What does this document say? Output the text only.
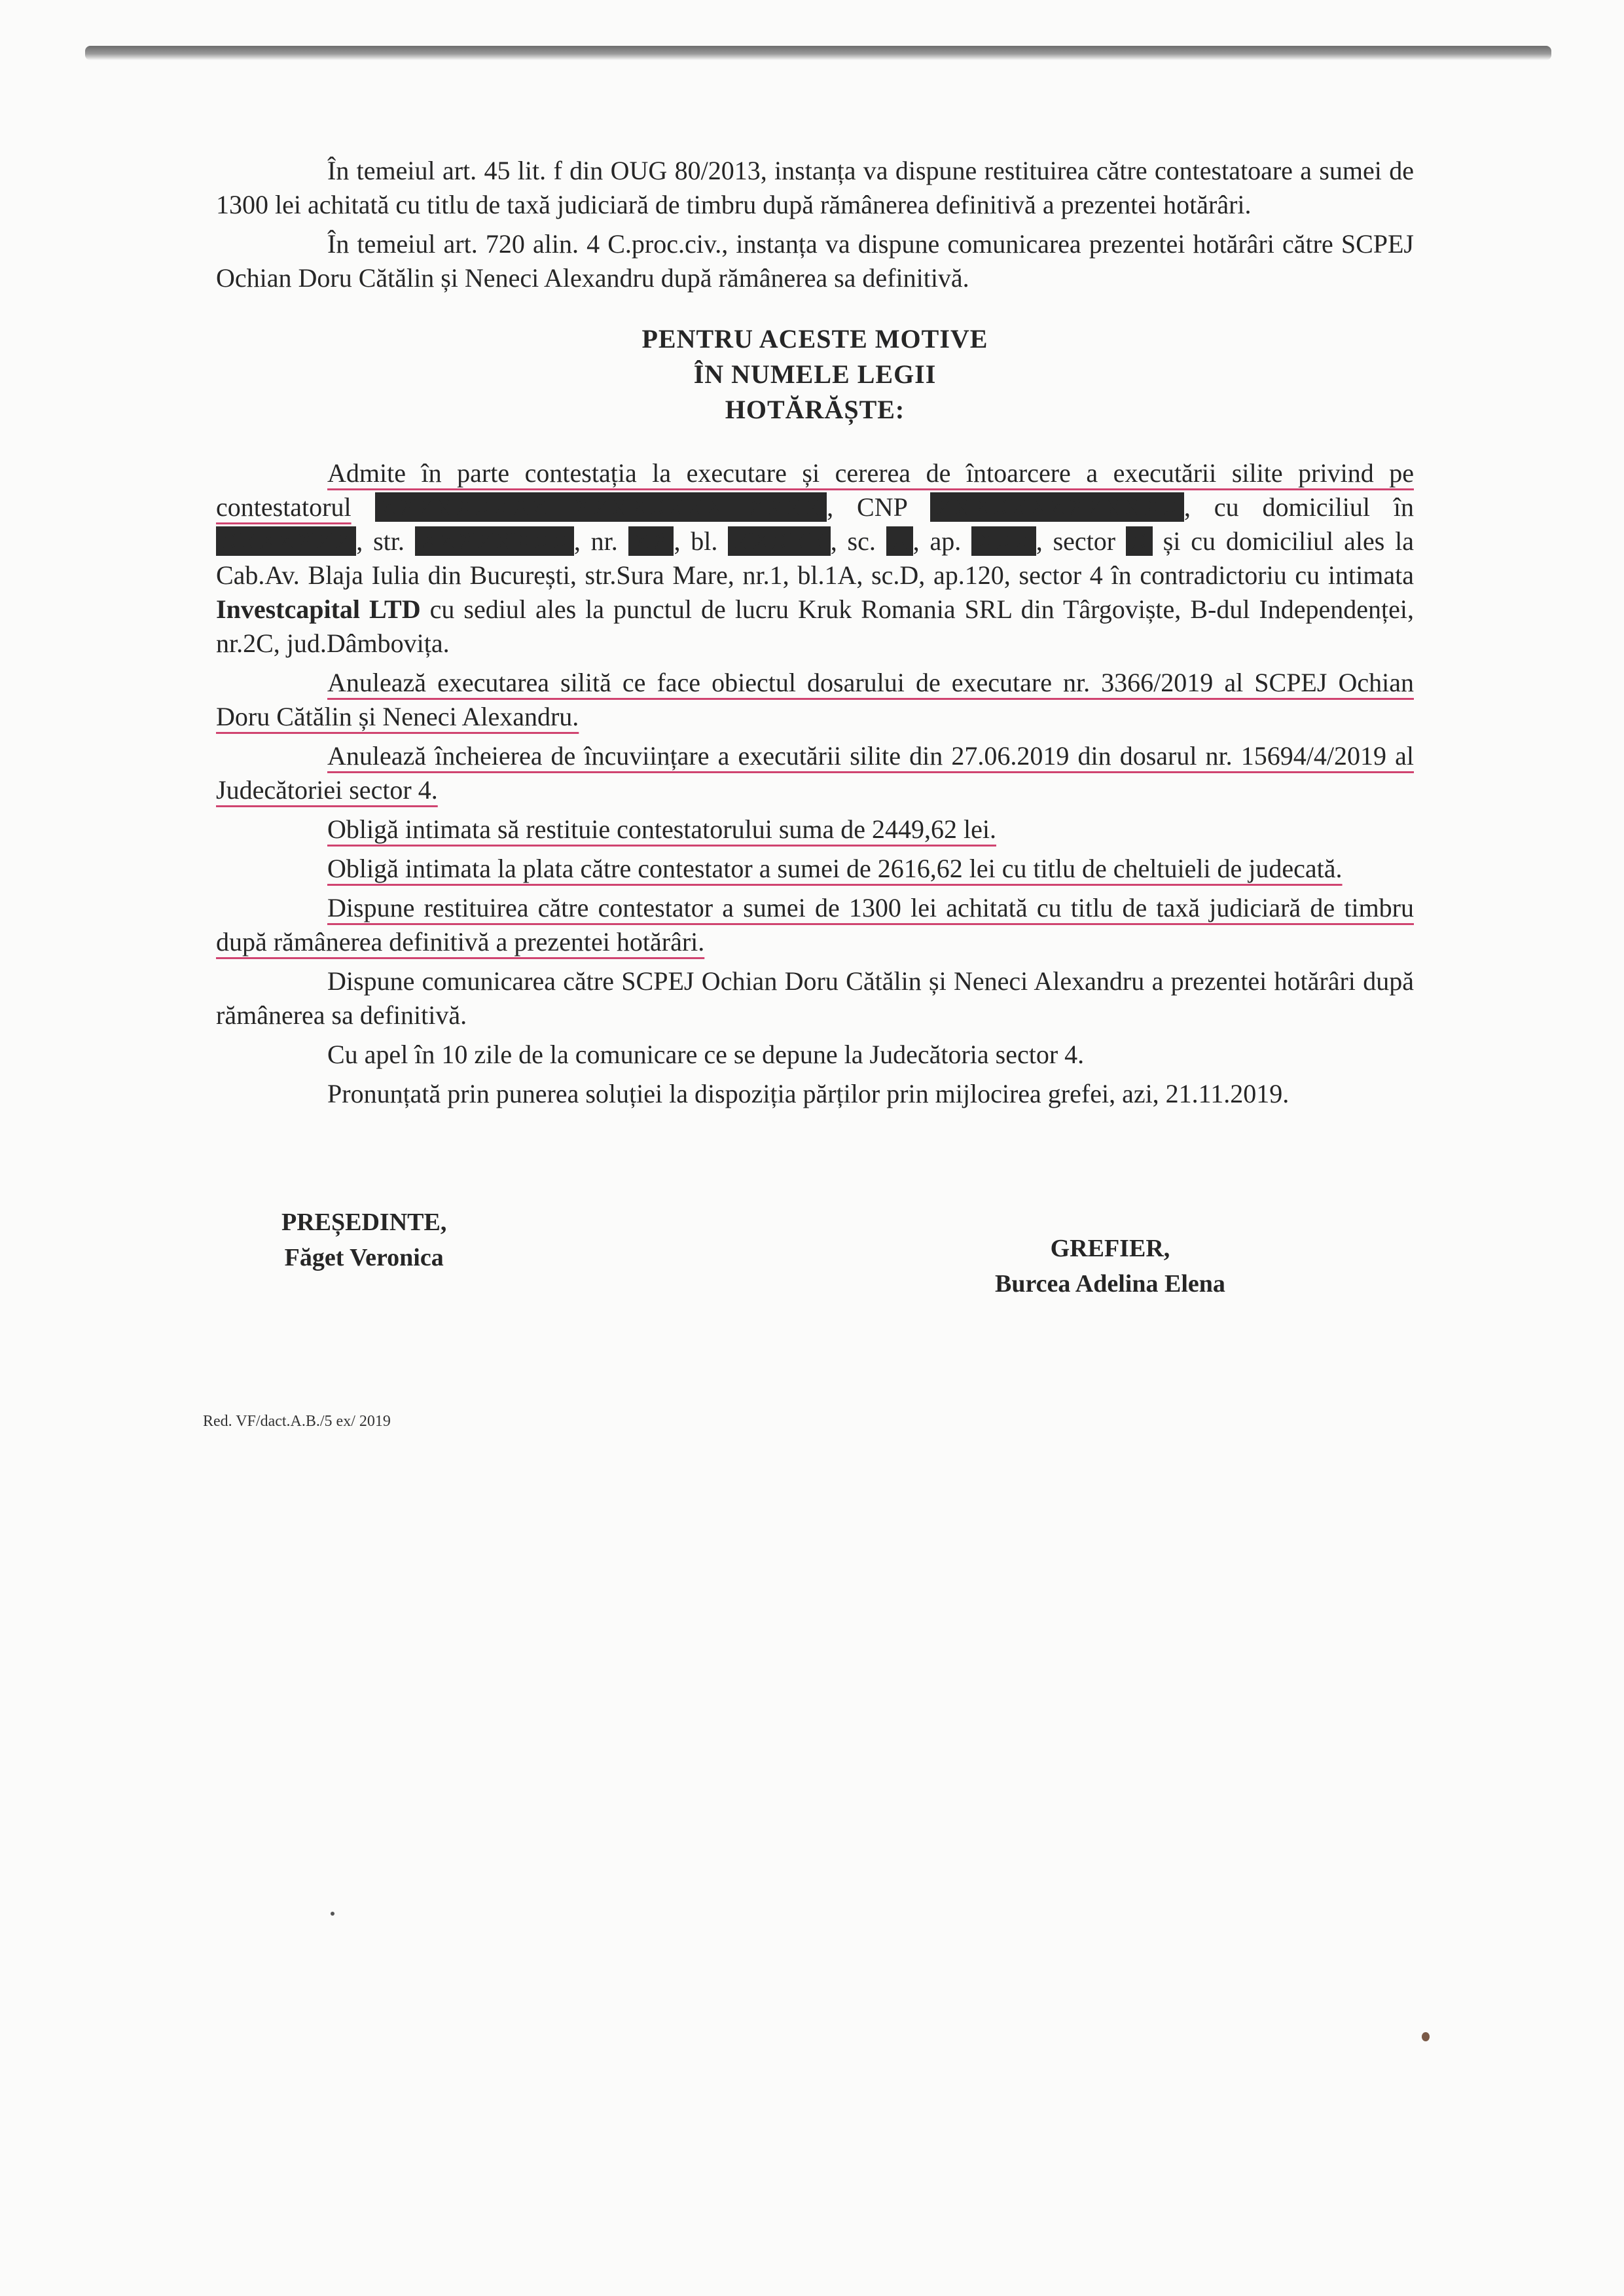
În temeiul art. 45 lit. f din OUG 80/2013, instanța va dispune restituirea către contestatoare a sumei de 1300 lei achitată cu titlu de taxă judiciară de timbru după rămânerea definitivă a prezentei hotărâri.

În temeiul art. 720 alin. 4 C.proc.civ., instanța va dispune comunicarea prezentei hotărâri către SCPEJ Ochian Doru Cătălin și Neneci Alexandru după rămânerea sa definitivă.

PENTRU ACESTE MOTIVE
ÎN NUMELE LEGII
HOTĂRĂȘTE:

Admite în parte contestația la executare și cererea de întoarcere a executării silite privind pe contestatorul XXXXXXXXX XXXXXXXX XXXX , CNP XXXXXXXXXXXXX , cu domiciliul în XXXXXXX , str. XXXXXXXX , nr. XX , bl. XXXXX , sc. X , ap. XXX , sector X și cu domiciliul ales la Cab.Av. Blaja Iulia din București, str.Sura Mare, nr.1, bl.1A, sc.D, ap.120, sector 4 în contradictoriu cu intimata Investcapital LTD cu sediul ales la punctul de lucru Kruk Romania SRL din Târgoviște, B-dul Independenței, nr.2C, jud.Dâmbovița.

Anulează executarea silită ce face obiectul dosarului de executare nr. 3366/2019 al SCPEJ Ochian Doru Cătălin și Neneci Alexandru.

Anulează încheierea de încuviințare a executării silite din 27.06.2019 din dosarul nr. 15694/4/2019 al Judecătoriei sector 4.

Obligă intimata să restituie contestatorului suma de 2449,62 lei.

Obligă intimata la plata către contestator a sumei de 2616,62 lei cu titlu de cheltuieli de judecată.

Dispune restituirea către contestator a sumei de 1300 lei achitată cu titlu de taxă judiciară de timbru după rămânerea definitivă a prezentei hotărâri.

Dispune comunicarea către SCPEJ Ochian Doru Cătălin și Neneci Alexandru a prezentei hotărâri după rămânerea sa definitivă.

Cu apel în 10 zile de la comunicare ce se depune la Judecătoria sector 4.

Pronunțată prin punerea soluției la dispoziția părților prin mijlocirea grefei, azi, 21.11.2019.

PREȘEDINTE,
Făget Veronica	GREFIER,
Burcea Adelina Elena
Red. VF/dact.A.B./5 ex/ 2019
